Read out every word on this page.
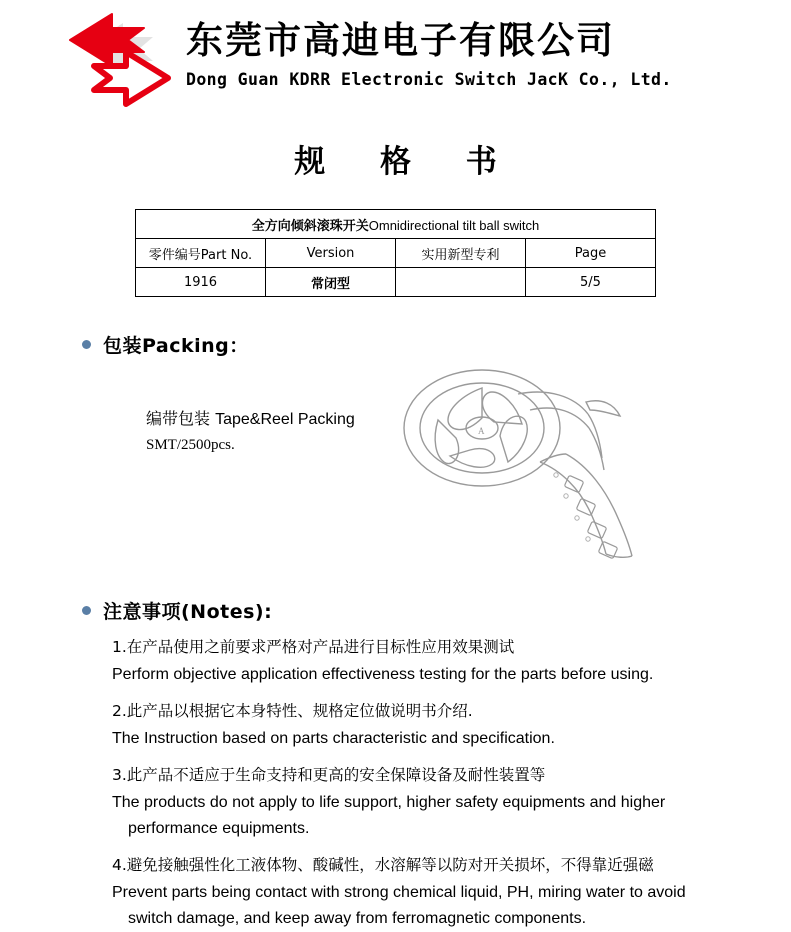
东莞市高迪电子有限公司
Dong Guan KDRR Electronic Switch JacK Co., Ltd.
规 格 书
全方向倾斜滚珠开关Omnidirectional tilt ball switch			
零件编号Part No.	Version	实用新型专利	Page
1916	常闭型		5/5
包装Packing：
编带包装 Tape&Reel Packing
SMT/2500pcs.
A
注意事项(Notes):
1.在产品使用之前要求严格对产品进行目标性应用效果测试
Perform objective application effectiveness testing for the parts before using.
2.此产品以根据它本身特性、规格定位做说明书介绍.
The Instruction based on parts characteristic and specification.
3.此产品不适应于生命支持和更高的安全保障设备及耐性装置等
The products do not apply to life support, higher safety equipments and higher performance equipments.
4.避免接触强性化工液体物、酸碱性，水溶解等以防对开关损坏，不得靠近强磁
Prevent parts being contact with strong chemical liquid, PH, miring water to avoid switch damage, and keep away from ferromagnetic components.
